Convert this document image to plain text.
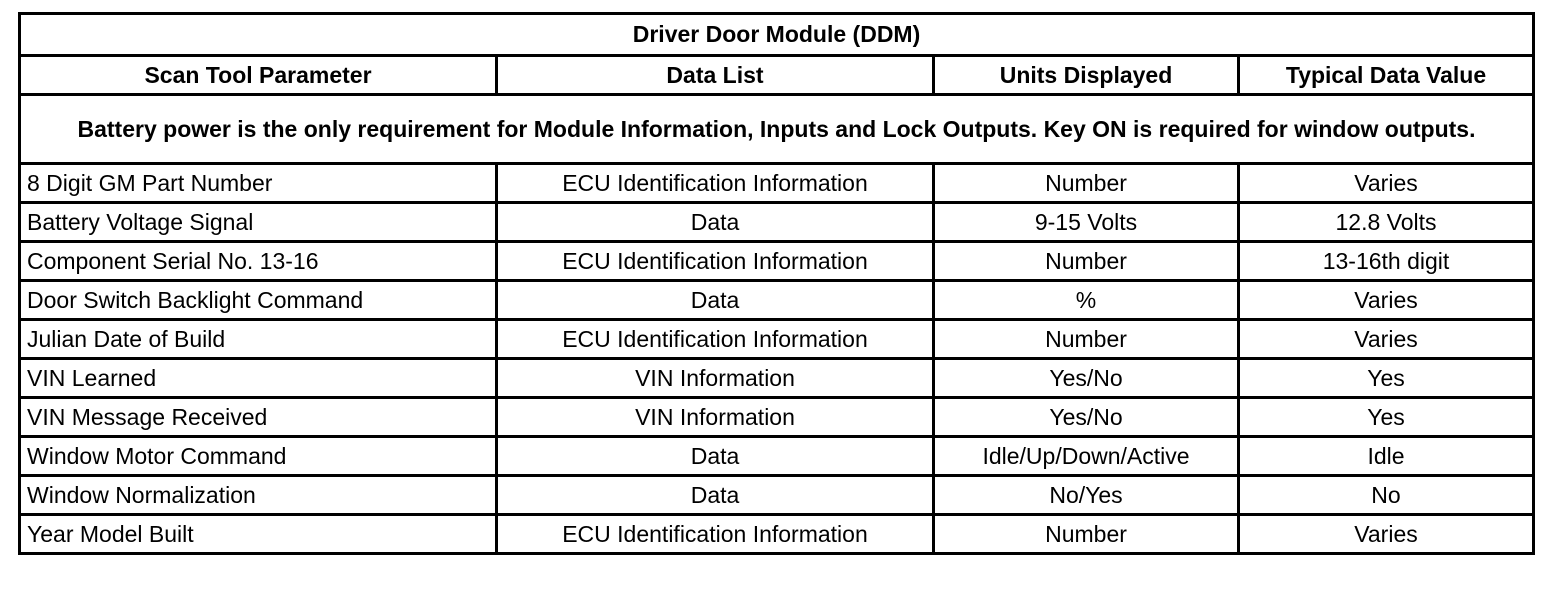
Driver Door Module (DDM)			
Scan Tool Parameter	Data List	Units Displayed	Typical Data Value
Battery power is the only requirement for Module Information, Inputs and Lock Outputs. Key ON is required for window outputs.			
8 Digit GM Part Number	ECU Identification Information	Number	Varies
Battery Voltage Signal	Data	9-15 Volts	12.8 Volts
Component Serial No. 13-16	ECU Identification Information	Number	13-16th digit
Door Switch Backlight Command	Data	%	Varies
Julian Date of Build	ECU Identification Information	Number	Varies
VIN Learned	VIN Information	Yes/No	Yes
VIN Message Received	VIN Information	Yes/No	Yes
Window Motor Command	Data	Idle/Up/Down/Active	Idle
Window Normalization	Data	No/Yes	No
Year Model Built	ECU Identification Information	Number	Varies
